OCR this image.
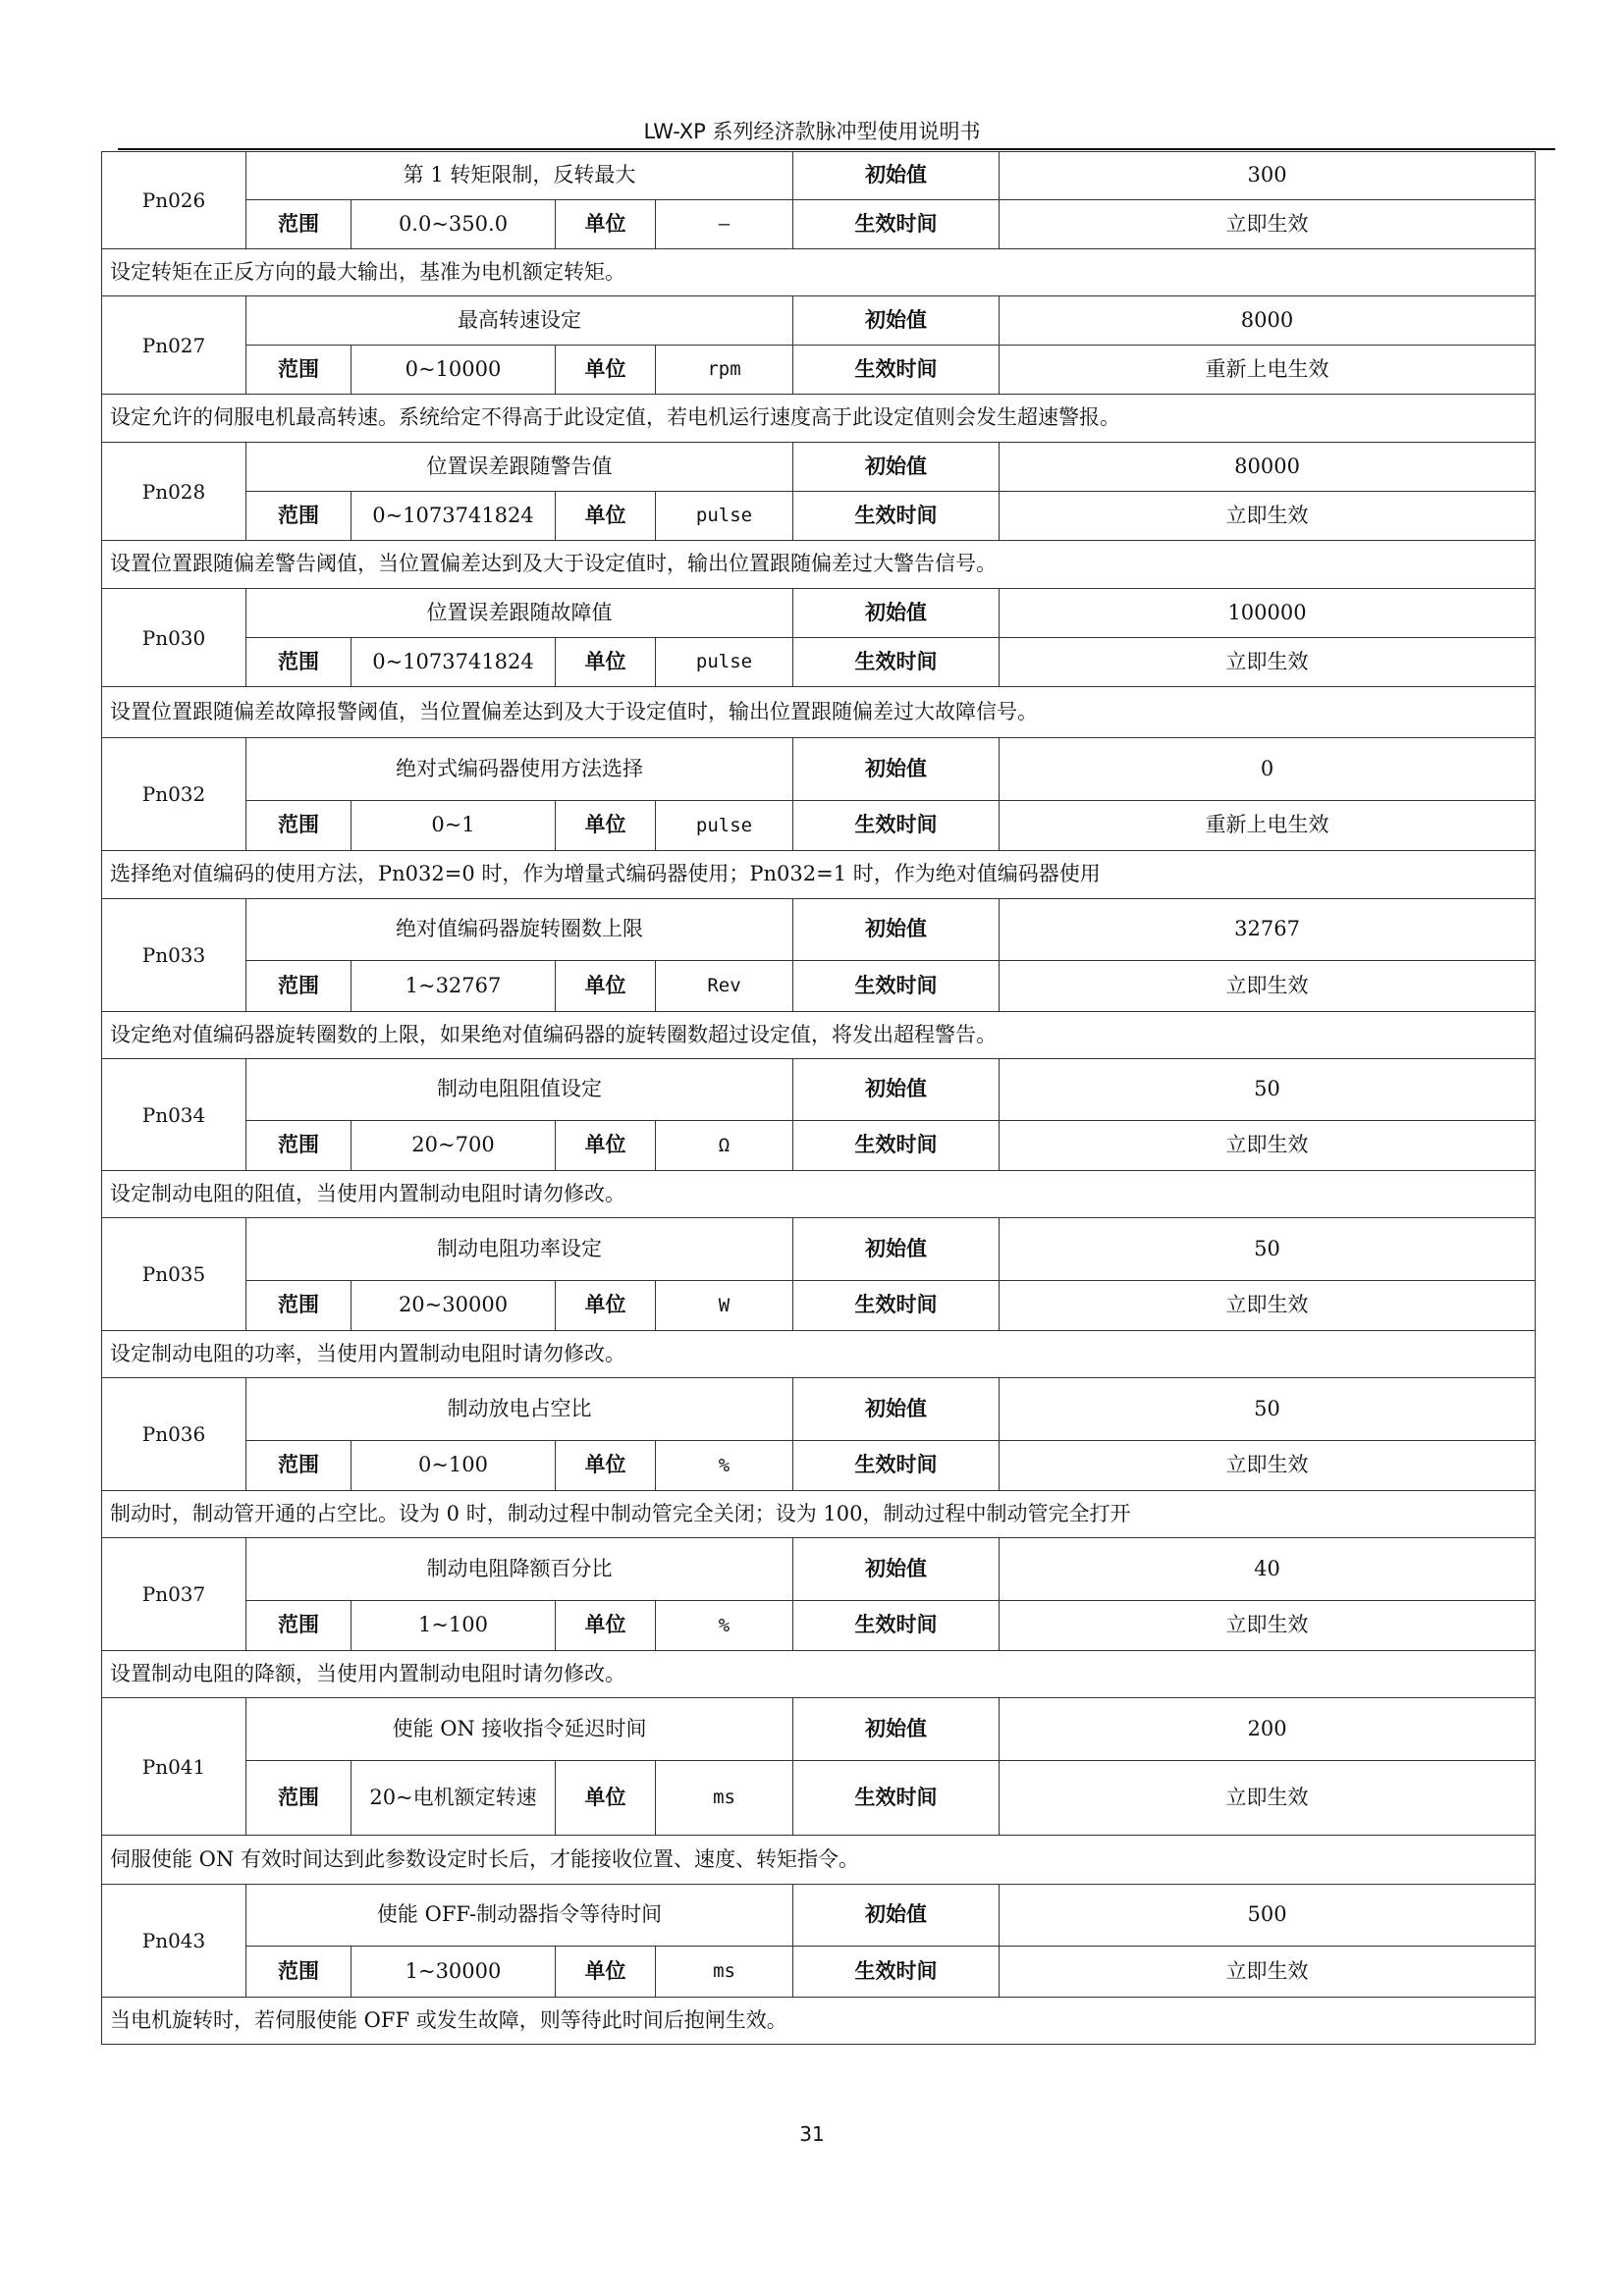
LW-XP 系列经济款脉冲型使用说明书
Pn026	第 1 转矩限制，反转最大				初始值	300
	范围	0.0~350.0	单位	—	生效时间	立即生效
设定转矩在正反方向的最大输出，基准为电机额定转矩。						
Pn027	最高转速设定				初始值	8000
	范围	0~10000	单位	rpm	生效时间	重新上电生效
设定允许的伺服电机最高转速。系统给定不得高于此设定值，若电机运行速度高于此设定值则会发生超速警报。						
Pn028	位置误差跟随警告值				初始值	80000
	范围	0~1073741824	单位	pulse	生效时间	立即生效
设置位置跟随偏差警告阈值，当位置偏差达到及大于设定值时，输出位置跟随偏差过大警告信号。						
Pn030	位置误差跟随故障值				初始值	100000
	范围	0~1073741824	单位	pulse	生效时间	立即生效
设置位置跟随偏差故障报警阈值，当位置偏差达到及大于设定值时，输出位置跟随偏差过大故障信号。						
Pn032	绝对式编码器使用方法选择				初始值	0
	范围	0~1	单位	pulse	生效时间	重新上电生效
选择绝对值编码的使用方法，Pn032=0 时，作为增量式编码器使用；Pn032=1 时，作为绝对值编码器使用						
Pn033	绝对值编码器旋转圈数上限				初始值	32767
	范围	1~32767	单位	Rev	生效时间	立即生效
设定绝对值编码器旋转圈数的上限，如果绝对值编码器的旋转圈数超过设定值，将发出超程警告。						
Pn034	制动电阻阻值设定				初始值	50
	范围	20~700	单位	Ω	生效时间	立即生效
设定制动电阻的阻值，当使用内置制动电阻时请勿修改。						
Pn035	制动电阻功率设定				初始值	50
	范围	20~30000	单位	W	生效时间	立即生效
设定制动电阻的功率，当使用内置制动电阻时请勿修改。						
Pn036	制动放电占空比				初始值	50
	范围	0~100	单位	%	生效时间	立即生效
制动时，制动管开通的占空比。设为 0 时，制动过程中制动管完全关闭；设为 100，制动过程中制动管完全打开						
Pn037	制动电阻降额百分比				初始值	40
	范围	1~100	单位	%	生效时间	立即生效
设置制动电阻的降额，当使用内置制动电阻时请勿修改。						
Pn041	使能 ON 接收指令延迟时间				初始值	200
	范围	20~电机额定转速	单位	ms	生效时间	立即生效
伺服使能 ON 有效时间达到此参数设定时长后，才能接收位置、速度、转矩指令。						
Pn043	使能 OFF-制动器指令等待时间				初始值	500
	范围	1~30000	单位	ms	生效时间	立即生效
当电机旋转时，若伺服使能 OFF 或发生故障，则等待此时间后抱闸生效。						
31
